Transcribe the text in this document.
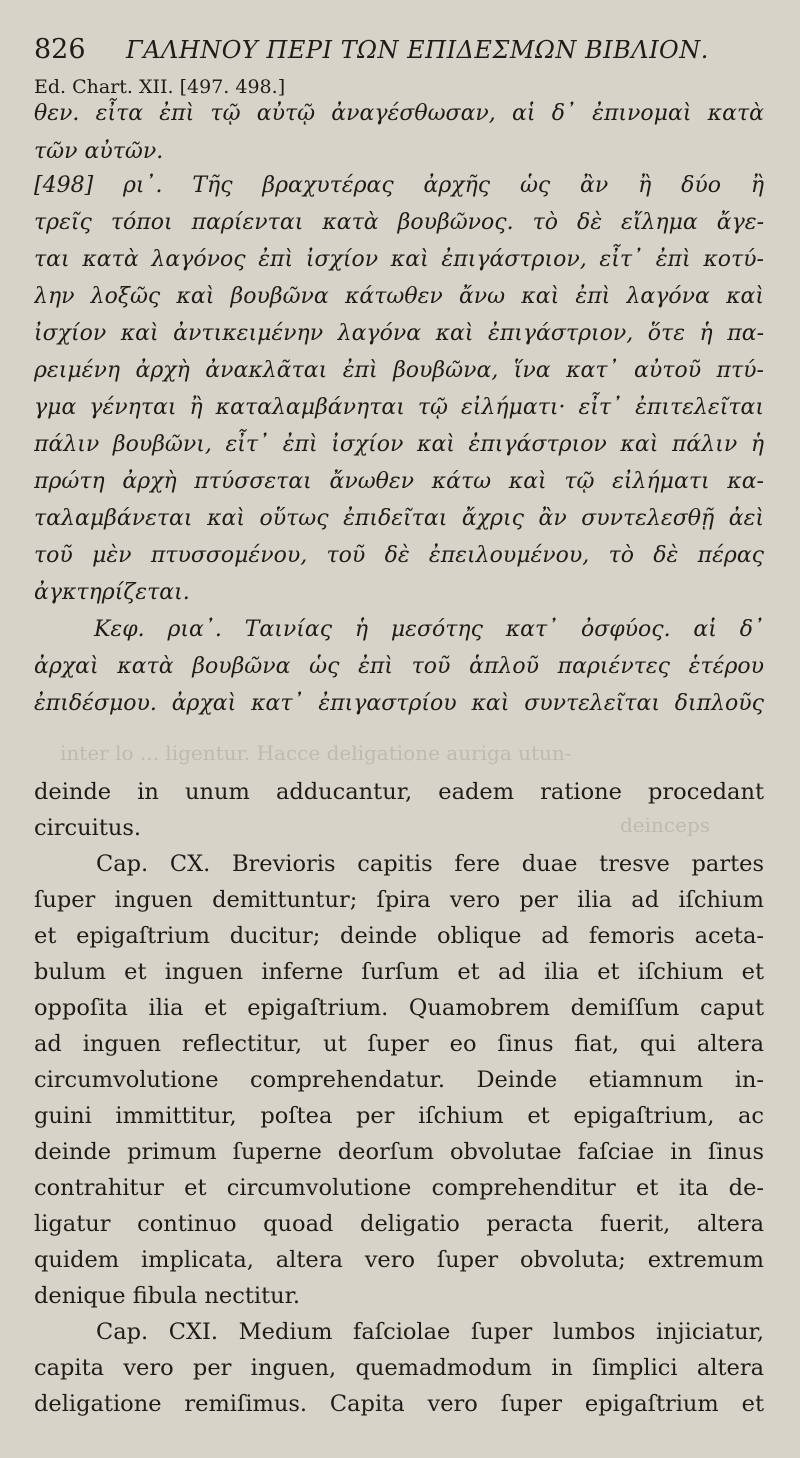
inter lo ... ligentur. Hacce deligatione auriga utun-
deinceps
826 ΓΑΛΗΝΟΥ ΠΕΡΙ ΤΩΝ ΕΠΙΔΕΣΜΩΝ ΒΙΒΛΙΟΝ.
Ed. Chart. XII. [497. 498.]
θεν. εἶτα ἐπὶ τῷ αὐτῷ ἀναγέσθωσαν, αἱ δ᾽ ἐπινομαὶ κατὰ
τῶν αὐτῶν.
[498] ρι᾽. Τῆς βραχυτέρας ἀρχῆς ὡς ἂν ἢ δύο ἢ
τρεῖς τόποι παρίενται κατὰ βουβῶνος. τὸ δὲ εἴλημα ἄγε-
ται κατὰ λαγόνος ἐπὶ ἰσχίον καὶ ἐπιγάστριον, εἶτ᾽ ἐπὶ κοτύ-
λην λοξῶς καὶ βουβῶνα κάτωθεν ἄνω καὶ ἐπὶ λαγόνα καὶ
ἰσχίον καὶ ἀντικειμένην λαγόνα καὶ ἐπιγάστριον, ὅτε ἡ πα-
ρειμένη ἀρχὴ ἀνακλᾶται ἐπὶ βουβῶνα, ἵνα κατ᾽ αὐτοῦ πτύ-
γμα γένηται ἢ καταλαμβάνηται τῷ εἰλήματι· εἶτ᾽ ἐπιτελεῖται
πάλιν βουβῶνι, εἶτ᾽ ἐπὶ ἰσχίον καὶ ἐπιγάστριον καὶ πάλιν ἡ
πρώτη ἀρχὴ πτύσσεται ἄνωθεν κάτω καὶ τῷ εἰλήματι κα-
ταλαμβάνεται καὶ οὕτως ἐπιδεῖται ἄχρις ἂν συντελεσθῇ ἀεὶ
τοῦ μὲν πτυσσομένου, τοῦ δὲ ἐπειλουμένου, τὸ δὲ πέρας
ἀγκτηρίζεται.
Κεφ. ρια᾽. Ταινίας ἡ μεσότης κατ᾽ ὀσφύος. αἱ δ᾽
ἀρχαὶ κατὰ βουβῶνα ὡς ἐπὶ τοῦ ἁπλοῦ παριέντες ἑτέρου
ἐπιδέσμου. ἀρχαὶ κατ᾽ ἐπιγαστρίου καὶ συντελεῖται διπλοῦς
deinde in unum adducantur, eadem ratione procedant
circuitus.
Cap. CX. Brevioris capitis fere duae tresve partes
ſuper inguen demittuntur; ſpira vero per ilia ad iſchium
et epigaſtrium ducitur; deinde oblique ad femoris aceta-
bulum et inguen inferne ſurſum et ad ilia et iſchium et
oppoſita ilia et epigaſtrium. Quamobrem demiſſum caput
ad inguen reflectitur, ut ſuper eo ſinus fiat, qui altera
circumvolutione comprehendatur. Deinde etiamnum in-
guini immittitur, poſtea per iſchium et epigaſtrium, ac
deinde primum ſuperne deorſum obvolutae faſciae in ſinus
contrahitur et circumvolutione comprehenditur et ita de-
ligatur continuo quoad deligatio peracta fuerit, altera
quidem implicata, altera vero ſuper obvoluta; extremum
denique fibula nectitur.
Cap. CXI. Medium faſciolae ſuper lumbos injiciatur,
capita vero per inguen, quemadmodum in ſimplici altera
deligatione remiſimus. Capita vero ſuper epigaſtrium et
